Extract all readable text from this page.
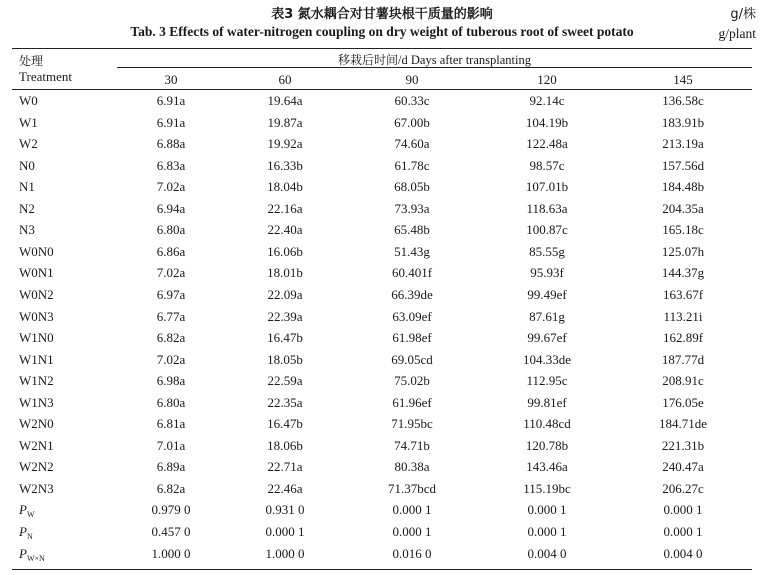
表3 氮水耦合对甘薯块根干质量的影响	g/株
Tab. 3 Effects of water-nitrogen coupling on dry weight of tuberous root of sweet potato	g/plant
处理
Treatment
移栽后时间/d Days after transplanting
30	60	90	120	145
W0	6.91a	19.64a	60.33c	92.14c	136.58c
W1	6.91a	19.87a	67.00b	104.19b	183.91b
W2	6.88a	19.92a	74.60a	122.48a	213.19a
N0	6.83a	16.33b	61.78c	98.57c	157.56d
N1	7.02a	18.04b	68.05b	107.01b	184.48b
N2	6.94a	22.16a	73.93a	118.63a	204.35a
N3	6.80a	22.40a	65.48b	100.87c	165.18c
W0N0	6.86a	16.06b	51.43g	85.55g	125.07h
W0N1	7.02a	18.01b	60.401f	95.93f	144.37g
W0N2	6.97a	22.09a	66.39de	99.49ef	163.67f
W0N3	6.77a	22.39a	63.09ef	87.61g	113.21i
W1N0	6.82a	16.47b	61.98ef	99.67ef	162.89f
W1N1	7.02a	18.05b	69.05cd	104.33de	187.77d
W1N2	6.98a	22.59a	75.02b	112.95c	208.91c
W1N3	6.80a	22.35a	61.96ef	99.81ef	176.05e
W2N0	6.81a	16.47b	71.95bc	110.48cd	184.71de
W2N1	7.01a	18.06b	74.71b	120.78b	221.31b
W2N2	6.89a	22.71a	80.38a	143.46a	240.47a
W2N3	6.82a	22.46a	71.37bcd	115.19bc	206.27c
$P_W$	0.979 0	0.931 0	0.000 1	0.000 1	0.000 1
$P_N$	0.457 0	0.000 1	0.000 1	0.000 1	0.000 1
$P_{W\times N}$	1.000 0	1.000 0	0.016 0	0.004 0	0.004 0
